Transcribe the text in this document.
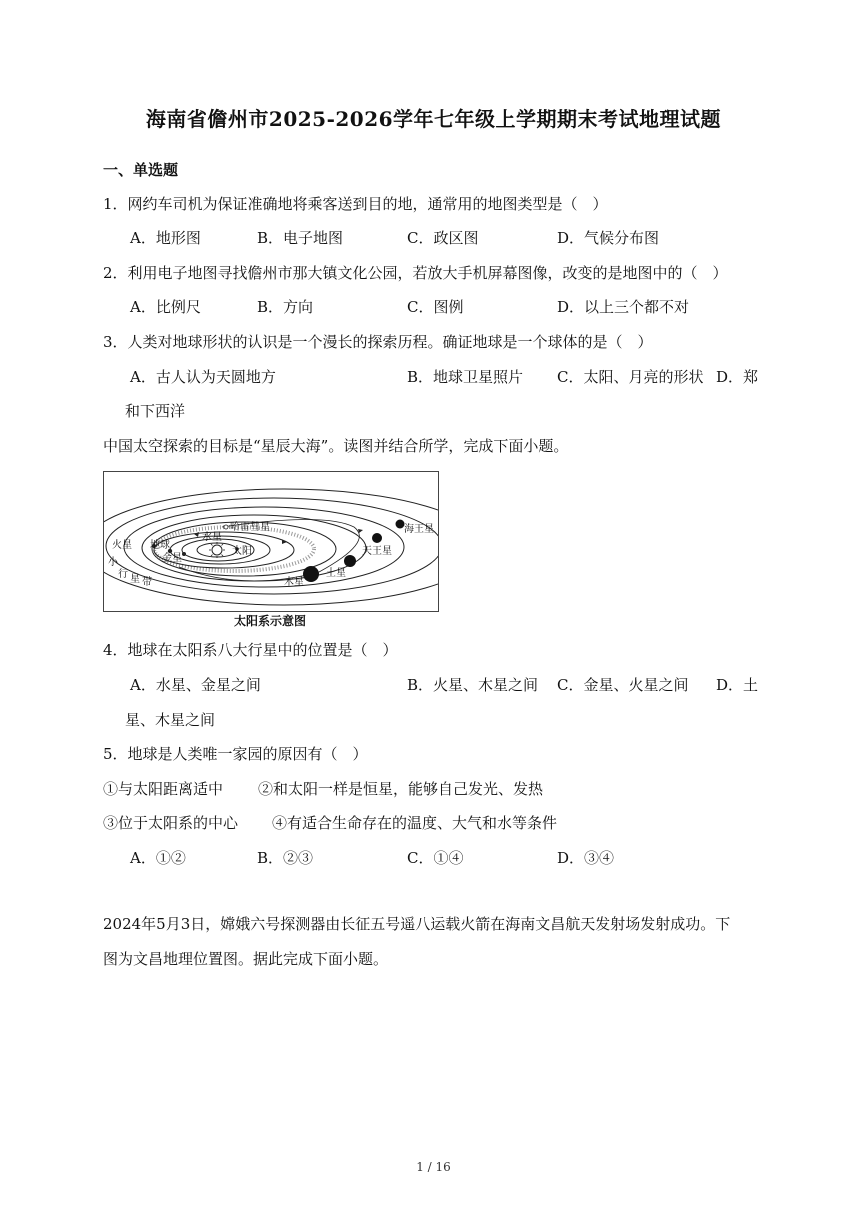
海南省儋州市2025-2026学年七年级上学期期末考试地理试题
一、单选题
1．网约车司机为保证准确地将乘客送到目的地，通常用的地图类型是（　）
A．地形图	B．电子地图	C．政区图	D．气候分布图
2．利用电子地图寻找儋州市那大镇文化公园，若放大手机屏幕图像，改变的是地图中的（　）
A．比例尺	B．方向	C．图例	D．以上三个都不对
3．人类对地球形状的认识是一个漫长的探索历程。确证地球是一个球体的是（　）
A．古人认为天圆地方	B．地球卫星照片 C．太阳、月亮的形状 D．郑
和下西洋
中国太空探索的目标是“星辰大海”。读图并结合所学，完成下面小题。
哈雷彗星
太阳
地球
金星
火星
水星
小
行 星 带	木星
土星
天王星
海王星
太阳系示意图
4．地球在太阳系八大行星中的位置是（　）
A．水星、金星之间	B．火星、木星之间 C．金星、火星之间 D．土
星、木星之间
5．地球是人类唯一家园的原因有（　）
①与太阳距离适中 ②和太阳一样是恒星，能够自己发光、发热
③位于太阳系的中心 ④有适合生命存在的温度、大气和水等条件
A．①②	B．②③	C．①④	D．③④
2024年5月3日，嫦娥六号探测器由长征五号遥八运载火箭在海南文昌航天发射场发射成功。下
图为文昌地理位置图。据此完成下面小题。
1 / 16
